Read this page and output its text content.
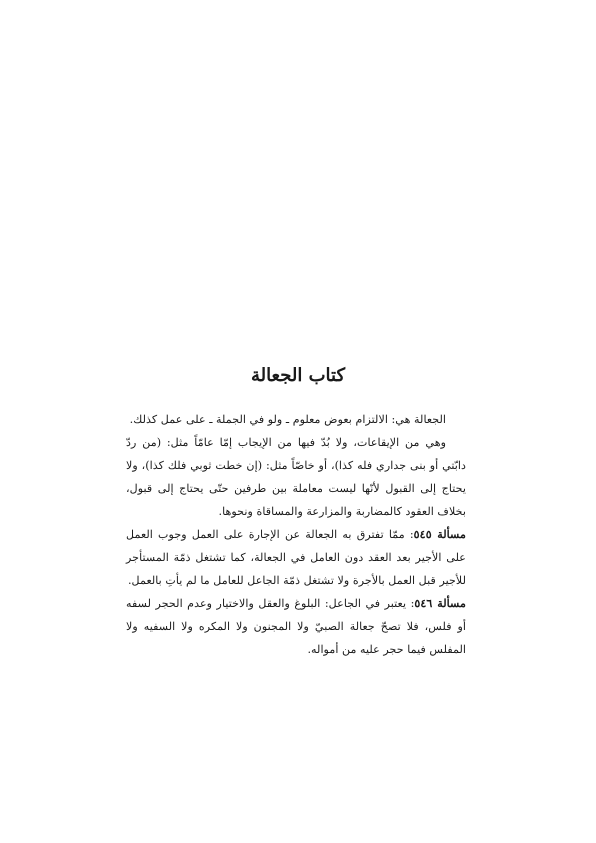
كتاب الجعالة

الجعالة هي: الالتزام بعوض معلوم ـ ولو في الجملة ـ على عمل كذلك.

وهي من الإيقاعات، ولا بُدّ فيها من الإيجاب إمّا عامّاً مثل: (من ردّ دابّتي أو بنى جداري فله كذا)، أو خاصّاً مثل: (إن خطت ثوبي فلك كذا)، ولا يحتاج إلى القبول لأنّها ليست معاملة بين طرفين حتّى يحتاج إلى قبول، بخلاف العقود كالمضاربة والمزارعة والمساقاة ونحوها.

مسألة ٥٤٥: ممّا تفترق به الجعالة عن الإجارة على العمل وجوب العمل على الأجير بعد العقد دون العامل في الجعالة، كما تشتغل ذمّة المستأجر للأجير قبل العمل بالأجرة ولا تشتغل ذمّة الجاعل للعامل ما لم يأتِ بالعمل.

مسألة ٥٤٦: يعتبر في الجاعل: البلوغ والعقل والاختيار وعدم الحجر لسفه أو فلس، فلا تصحّ جعالة الصبيّ ولا المجنون ولا المكره ولا السفيه ولا المفلس فيما حجر عليه من أمواله.
